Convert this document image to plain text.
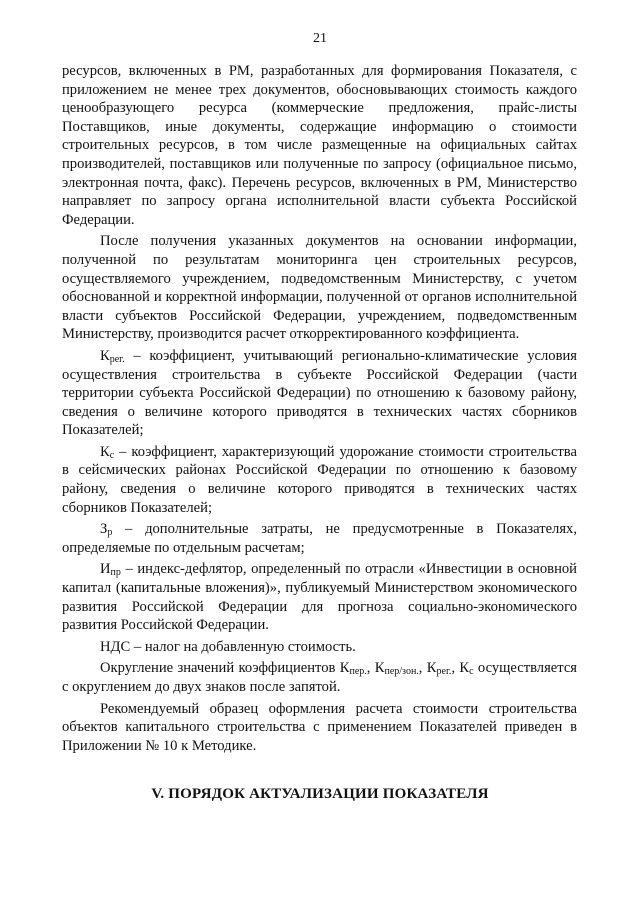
21

ресурсов, включенных в РМ, разработанных для формирования Показателя, с приложением не менее трех документов, обосновывающих стоимость каждого ценообразующего ресурса (коммерческие предложения, прайс-листы Поставщиков, иные документы, содержащие информацию о стоимости строительных ресурсов, в том числе размещенные на официальных сайтах производителей, поставщиков или полученные по запросу (официальное письмо, электронная почта, факс). Перечень ресурсов, включенных в РМ, Министерство направляет по запросу органа исполнительной власти субъекта Российской Федерации.

После получения указанных документов на основании информации, полученной по результатам мониторинга цен строительных ресурсов, осуществляемого учреждением, подведомственным Министерству, с учетом обоснованной и корректной информации, полученной от органов исполнительной власти субъектов Российской Федерации, учреждением, подведомственным Министерству, производится расчет откорректированного коэффициента.

$К_{рег.}$ – коэффициент, учитывающий регионально-климатические условия осуществления строительства в субъекте Российской Федерации (части территории субъекта Российской Федерации) по отношению к базовому району, сведения о величине которого приводятся в технических частях сборников Показателей;

$К_с$ – коэффициент, характеризующий удорожание стоимости строительства в сейсмических районах Российской Федерации по отношению к базовому району, сведения о величине которого приводятся в технических частях сборников Показателей;

$З_р$ – дополнительные затраты, не предусмотренные в Показателях, определяемые по отдельным расчетам;

$И_{пр}$ – индекс-дефлятор, определенный по отрасли «Инвестиции в основной капитал (капитальные вложения)», публикуемый Министерством экономического развития Российской Федерации для прогноза социально-экономического развития Российской Федерации.

НДС – налог на добавленную стоимость.

Округление значений коэффициентов $К_{пер.}$, $К_{пер/зон.}$, $К_{рег.}$, $К_с$ осуществляется с округлением до двух знаков после запятой.

Рекомендуемый образец оформления расчета стоимости строительства объектов капитального строительства с применением Показателей приведен в Приложении № 10 к Методике.

V. ПОРЯДОК АКТУАЛИЗАЦИИ ПОКАЗАТЕЛЯ
